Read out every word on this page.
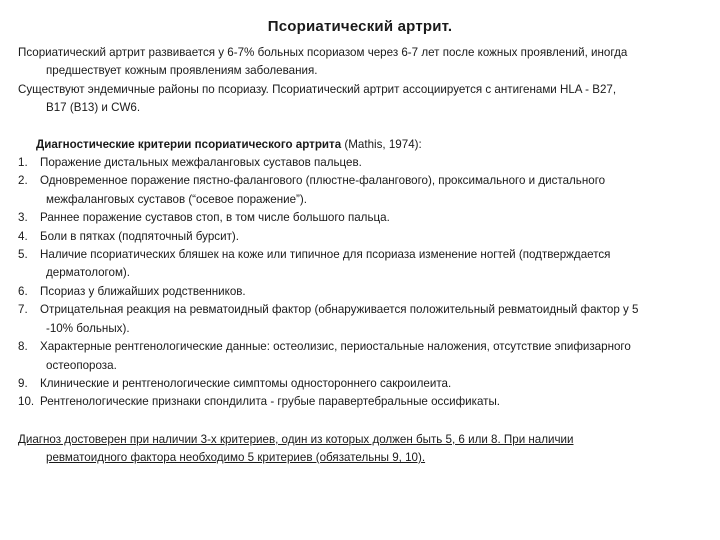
Псориатический артрит.

Псориатический артрит развивается у 6-7% больных псориазом через 6-7 лет после кожных проявлений, иногда
предшествует кожным проявлениям заболевания.

Существуют эндемичные районы по псориазу. Псориатический артрит ассоциируется с антигенами HLA - B27,
B17 (B13) и CW6.

Диагностические критерии псориатического артрита (Mathis, 1974):
1. Поражение дистальных межфаланговых суставов пальцев.
2. Одновременное поражение пястно-фалангового (плюстне-фалангового), проксимального и дистального
межфаланговых суставов (“осевое поражение”).
3. Раннее поражение суставов стоп, в том числе большого пальца.
4. Боли в пятках (подпяточный бурсит).
5. Наличие псориатических бляшек на коже или типичное для псориаза изменение ногтей (подтверждается
дерматологом).
6. Псориаз у ближайших родственников.
7. Отрицательная реакция на ревматоидный фактор (обнаруживается положительный ревматоидный фактор у 5
-10% больных).
8. Характерные рентгенологические данные: остеолизис, периостальные наложения, отсутствие эпифизарного
остеопороза.
9. Клинические и рентгенологические симптомы одностороннего сакроилеита.
10. Рентгенологические признаки спондилита - грубые паравертебральные оссификаты.
Диагноз достоверен при наличии 3-х критериев, один из которых должен быть 5, 6 или 8. При наличии
ревматоидного фактора необходимо 5 критериев (обязательны 9, 10).
